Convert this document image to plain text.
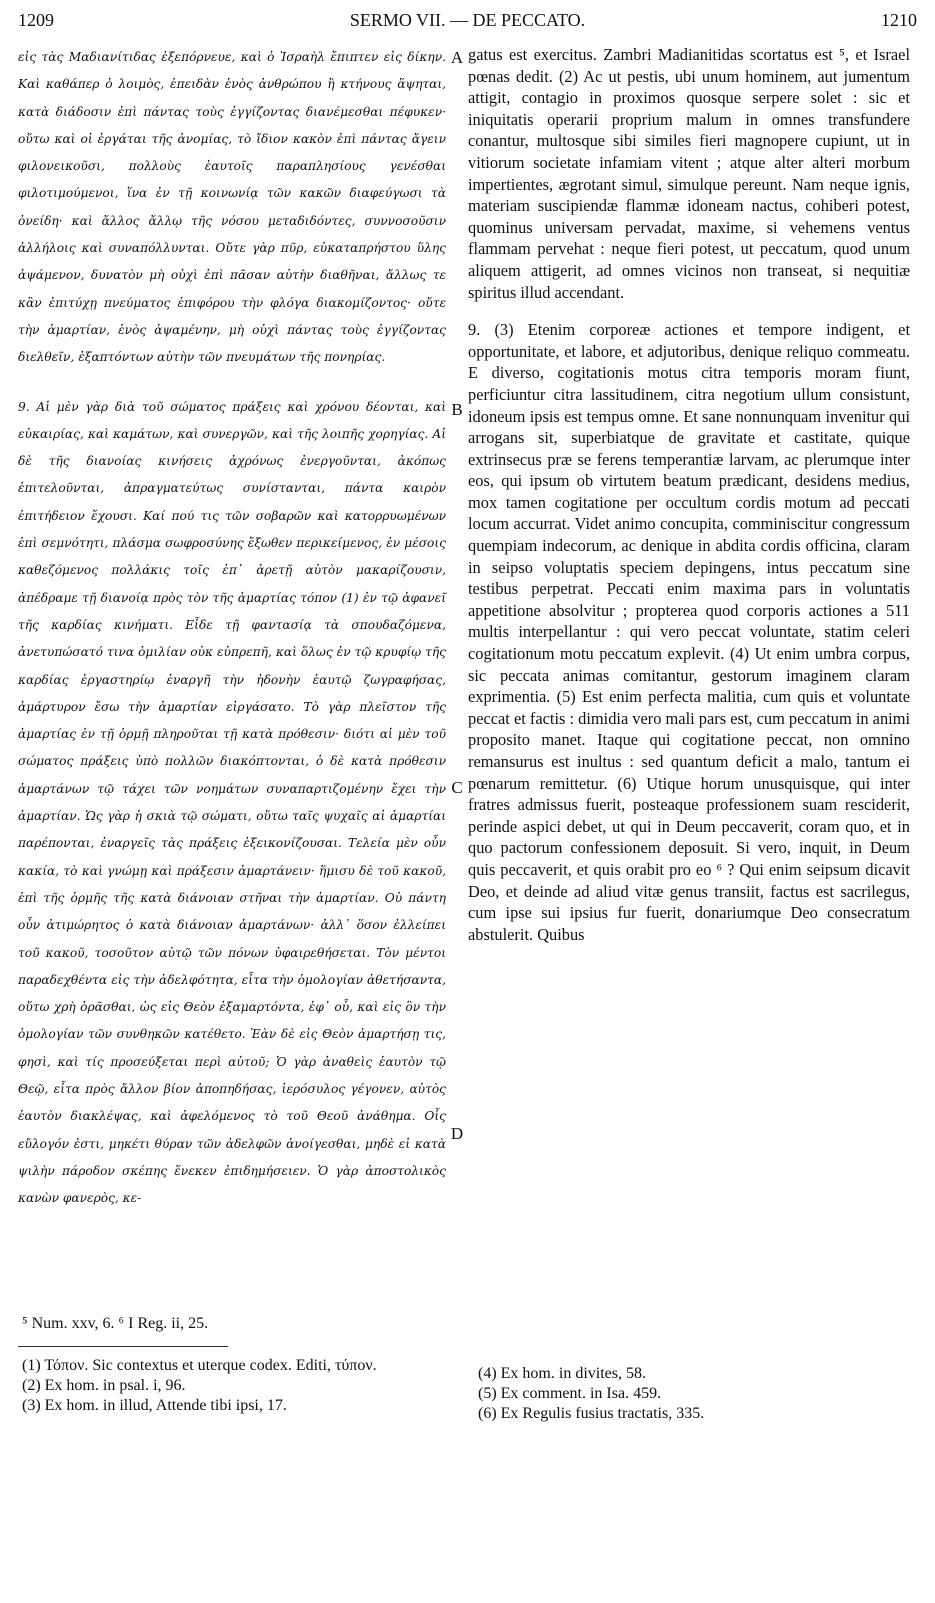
1209	SERMO VII. — DE PECCATO.	1210

εἰς τὰς Μαδιανίτιδας ἐξεπόρνευε, καὶ ὁ Ἰσραὴλ ἔπιπτεν εἰς δίκην. Καὶ καθάπερ ὁ λοιμὸς, ἐπειδὰν ἑνὸς ἀνθρώπου ἢ κτήνους ἅψηται, κατὰ διάδοσιν ἐπὶ πάντας τοὺς ἐγγίζοντας διανέμεσθαι πέφυκεν· οὕτω καὶ οἱ ἐργάται τῆς ἀνομίας, τὸ ἴδιον κακὸν ἐπὶ πάντας ἄγειν φιλονεικοῦσι, πολλοὺς ἑαυτοῖς παραπλησίους γενέσθαι φιλοτιμούμενοι, ἵνα ἐν τῇ κοινωνίᾳ τῶν κακῶν διαφεύγωσι τὰ ὀνείδη· καὶ ἄλλος ἄλλῳ τῆς νόσου μεταδιδόντες, συννοσοῦσιν ἀλλήλοις καὶ συναπόλλυνται. Οὔτε γὰρ πῦρ, εὐκαταπρήστου ὕλης ἁψάμενον, δυνατὸν μὴ οὐχὶ ἐπὶ πᾶσαν αὐτὴν διαθῆναι, ἄλλως τε κἂν ἐπιτύχῃ πνεύματος ἐπιφόρου τὴν φλόγα διακομίζοντος· οὔτε τὴν ἁμαρτίαν, ἑνὸς ἁψαμένην, μὴ οὐχὶ πάντας τοὺς ἐγγίζοντας διελθεῖν, ἐξαπτόντων αὐτὴν τῶν πνευμάτων τῆς πονηρίας.

9. Αἱ μὲν γὰρ διὰ τοῦ σώματος πράξεις καὶ χρόνου δέονται, καὶ εὐκαιρίας, καὶ καμάτων, καὶ συνεργῶν, καὶ τῆς λοιπῆς χορηγίας. Αἱ δὲ τῆς διανοίας κινήσεις ἀχρόνως ἐνεργοῦνται, ἀκόπως ἐπιτελοῦνται, ἀπραγματεύτως συνίστανται, πάντα καιρὸν ἐπιτήδειον ἔχουσι. Καί πού τις τῶν σοβαρῶν καὶ κατορρυωμένων ἐπὶ σεμνότητι, πλάσμα σωφροσύνης ἔξωθεν περικείμενος, ἐν μέσοις καθεζόμενος πολλάκις τοῖς ἐπ᾽ ἀρετῇ αὐτὸν μακαρίζουσιν, ἀπέδραμε τῇ διανοίᾳ πρὸς τὸν τῆς ἁμαρτίας τόπον (1) ἐν τῷ ἀφανεῖ τῆς καρδίας κινήματι. Εἶδε τῇ φαντασίᾳ τὰ σπουδαζόμενα, ἀνετυπώσατό τινα ὁμιλίαν οὐκ εὐπρεπῆ, καὶ ὅλως ἐν τῷ κρυφίῳ τῆς καρδίας ἐργαστηρίῳ ἐναργῆ τὴν ἡδονὴν ἑαυτῷ ζωγραφήσας, ἀμάρτυρον ἔσω τὴν ἁμαρτίαν εἰργάσατο. Τὸ γὰρ πλεῖστον τῆς ἁμαρτίας ἐν τῇ ὁρμῇ πληροῦται τῇ κατὰ πρόθεσιν· διότι αἱ μὲν τοῦ σώματος πράξεις ὑπὸ πολλῶν διακόπτονται, ὁ δὲ κατὰ πρόθεσιν ἁμαρτάνων τῷ τάχει τῶν νοημάτων συναπαρτιζομένην ἔχει τὴν ἁμαρτίαν. Ὡς γὰρ ἡ σκιὰ τῷ σώματι, οὕτω ταῖς ψυχαῖς αἱ ἁμαρτίαι παρέπονται, ἐναργεῖς τὰς πράξεις ἐξεικονίζουσαι. Τελεία μὲν οὖν κακία, τὸ καὶ γνώμῃ καὶ πράξεσιν ἁμαρτάνειν· ἥμισυ δὲ τοῦ κακοῦ, ἐπὶ τῆς ὁρμῆς τῆς κατὰ διάνοιαν στῆναι τὴν ἁμαρτίαν. Οὐ πάντη οὖν ἀτιμώρητος ὁ κατὰ διάνοιαν ἁμαρτάνων· ἀλλ᾽ ὅσον ἐλλείπει τοῦ κακοῦ, τοσοῦτον αὐτῷ τῶν πόνων ὑφαιρεθήσεται. Τὸν μέντοι παραδεχθέντα εἰς τὴν ἀδελφότητα, εἶτα τὴν ὁμολογίαν ἀθετήσαντα, οὕτω χρὴ ὁρᾶσθαι, ὡς εἰς Θεὸν ἐξαμαρτόντα, ἐφ᾽ οὗ, καὶ εἰς ὃν τὴν ὁμολογίαν τῶν συνθηκῶν κατέθετο. Ἐὰν δὲ εἰς Θεὸν ἁμαρτήσῃ τις, φησὶ, καὶ τίς προσεύξεται περὶ αὐτοῦ; Ὁ γὰρ ἀναθεὶς ἑαυτὸν τῷ Θεῷ, εἶτα πρὸς ἄλλον βίον ἀποπηδήσας, ἱερόσυλος γέγονεν, αὐτὸς ἑαυτὸν διακλέψας, καὶ ἀφελόμενος τὸ τοῦ Θεοῦ ἀνάθημα. Οἷς εὔλογόν ἐστι, μηκέτι θύραν τῶν ἀδελφῶν ἀνοίγεσθαι, μηδὲ εἰ κατὰ ψιλὴν πάροδον σκέπης ἕνεκεν ἐπιδημήσειεν. Ὁ γὰρ ἀποστολικὸς κανὼν φανερὸς, κε-

gatus est exercitus. Zambri Madianitidas scortatus est ⁵, et Israel pœnas dedit. (2) Ac ut pestis, ubi unum hominem, aut jumentum attigit, contagio in proximos quosque serpere solet : sic et iniquitatis operarii proprium malum in omnes transfundere conantur, multosque sibi similes fieri magnopere cupiunt, ut in vitiorum societate infamiam vitent ; atque alter alteri morbum impertientes, ægrotant simul, simulque pereunt. Nam neque ignis, materiam suscipiendæ flammæ idoneam nactus, cohiberi potest, quominus universam pervadat, maxime, si vehemens ventus flammam pervehat : neque fieri potest, ut peccatum, quod unum aliquem attigerit, ad omnes vicinos non transeat, si nequitiæ spiritus illud accendant.

9. (3) Etenim corporeæ actiones et tempore indigent, et opportunitate, et labore, et adjutoribus, denique reliquo commeatu. E diverso, cogitationis motus citra temporis moram fiunt, perficiuntur citra lassitudinem, citra negotium ullum consistunt, idoneum ipsis est tempus omne. Et sane nonnunquam invenitur qui arrogans sit, superbiatque de gravitate et castitate, quique extrinsecus præ se ferens temperantiæ larvam, ac plerumque inter eos, qui ipsum ob virtutem beatum prædicant, desidens medius, mox tamen cogitatione per occultum cordis motum ad peccati locum accurrat. Videt animo concupita, comminiscitur congressum quempiam indecorum, ac denique in abdita cordis officina, claram in seipso voluptatis speciem depingens, intus peccatum sine testibus perpetrat. Peccati enim maxima pars in voluntatis appetitione absolvitur ; propterea quod corporis actiones a 511 multis interpellantur : qui vero peccat voluntate, statim celeri cogitationum motu peccatum explevit. (4) Ut enim umbra corpus, sic peccata animas comitantur, gestorum imaginem claram exprimentia. (5) Est enim perfecta malitia, cum quis et voluntate peccat et factis : dimidia vero mali pars est, cum peccatum in animi proposito manet. Itaque qui cogitatione peccat, non omnino remansurus est inultus : sed quantum deficit a malo, tantum ei pœnarum remittetur. (6) Utique horum unusquisque, qui inter fratres admissus fuerit, posteaque professionem suam resciderit, perinde aspici debet, ut qui in Deum peccaverit, coram quo, et in quo pactorum confessionem deposuit. Si vero, inquit, in Deum quis peccaverit, et quis orabit pro eo ⁶ ? Qui enim seipsum dicavit Deo, et deinde ad aliud vitæ genus transiit, factus est sacrilegus, cum ipse sui ipsius fur fuerit, donariumque Deo consecratum abstulerit. Quibus

A
B
C
D
⁵ Num. xxv, 6. ⁶ I Reg. ii, 25.
(1) Τόπον. Sic contextus et uterque codex. Editi, τύπον.
(2) Ex hom. in psal. i, 96.
(3) Ex hom. in illud, Attende tibi ipsi, 17.
(4) Ex hom. in divites, 58.
(5) Ex comment. in Isa. 459.
(6) Ex Regulis fusius tractatis, 335.
